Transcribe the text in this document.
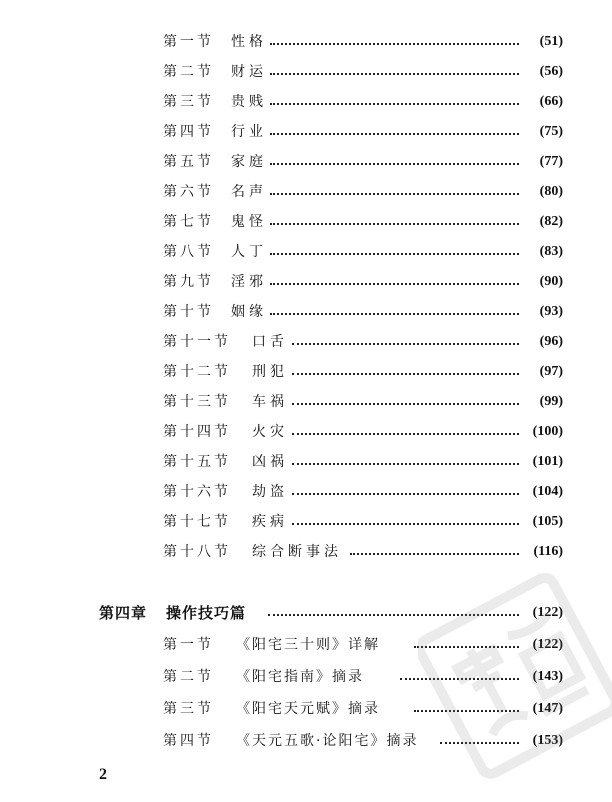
第一节 性格	(51)
第二节 财运	(56)
第三节 贵贱	(66)
第四节 行业	(75)
第五节 家庭	(77)
第六节 名声	(80)
第七节 鬼怪	(82)
第八节 人丁	(83)
第九节 淫邪	(90)
第十节 姻缘	(93)
第十一节 口舌	(96)
第十二节 刑犯	(97)
第十三节 车祸	(99)
第十四节 火灾	(100)
第十五节 凶祸	(101)
第十六节 劫盗	(104)
第十七节 疾病	(105)
第十八节 综合断事法	(116)
第四章 操作技巧篇	(122)
第一节 《阳宅三十则》详解	(122)
第二节 《阳宅指南》摘录	(143)
第三节 《阳宅天元赋》摘录	(147)
第四节 《天元五歌·论阳宅》摘录	(153)
2
